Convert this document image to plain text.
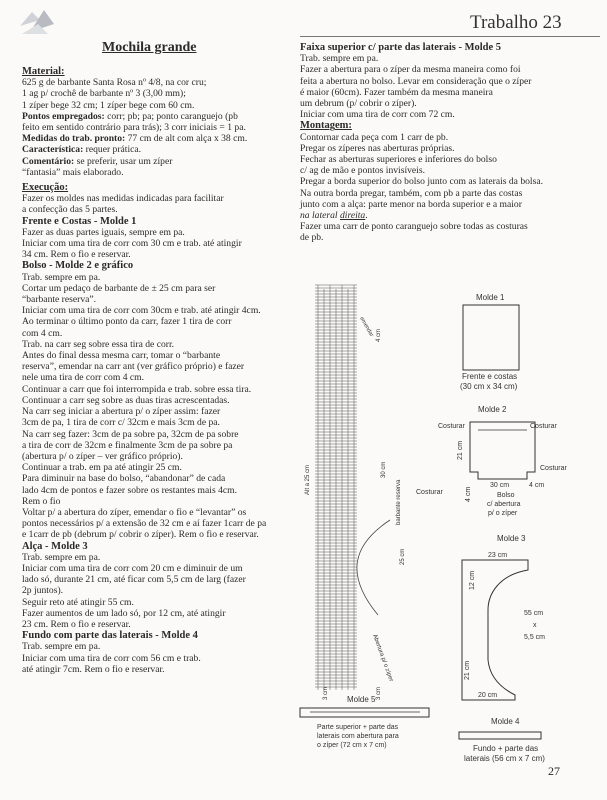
Trabalho 23
Mochila grande
Material:
625 g de barbante Santa Rosa nº 4/8, na cor cru;
1 ag p/ crochê de barbante nº 3 (3,00 mm);
1 zíper bege 32 cm; 1 zíper bege com 60 cm.
Pontos empregados: corr; pb; pa; ponto caranguejo (pb
feito em sentido contrário para trás); 3 corr iniciais = 1 pa.
Medidas do trab. pronto: 77 cm de alt com alça x 38 cm.
Característica: requer prática.
Comentário: se preferir, usar um zíper
“fantasia” mais elaborado.
Execução:
Fazer os moldes nas medidas indicadas para facilitar
a confecção das 5 partes.
Frente e Costas - Molde 1
Fazer as duas partes iguais, sempre em pa.
Iniciar com uma tira de corr com 30 cm e trab. até atingir
34 cm. Rem o fio e reservar.
Bolso - Molde 2 e gráfico
Trab. sempre em pa.
Cortar um pedaço de barbante de ± 25 cm para ser
“barbante reserva”.
Iniciar com uma tira de corr com 30cm e trab. até atingir 4cm.
Ao terminar o último ponto da carr, fazer 1 tira de corr
com 4 cm.
Trab. na carr seg sobre essa tira de corr.
Antes do final dessa mesma carr, tomar o “barbante
reserva”, emendar na carr ant (ver gráfico próprio) e fazer
nele uma tira de corr com 4 cm.
Continuar a carr que foi interrompida e trab. sobre essa tira.
Continuar a carr seg sobre as duas tiras acrescentadas.
Na carr seg iniciar a abertura p/ o zíper assim: fazer
3cm de pa, 1 tira de corr c/ 32cm e mais 3cm de pa.
Na carr seg fazer: 3cm de pa sobre pa, 32cm de pa sobre
a tira de corr de 32cm e finalmente 3cm de pa sobre pa
(abertura p/ o zíper – ver gráfico próprio).
Continuar a trab. em pa até atingir 25 cm.
Para diminuir na base do bolso, “abandonar” de cada
lado 4cm de pontos e fazer sobre os restantes mais 4cm.
Rem o fio
Voltar p/ a abertura do zíper, emendar o fio e “levantar” os
pontos necessários p/ a extensão de 32 cm e aí fazer 1carr de pa
e 1carr de pb (debrum p/ cobrir o zíper). Rem o fio e reservar.
Alça - Molde 3
Trab. sempre em pa.
Iniciar com uma tira de corr com 20 cm e diminuir de um
lado só, durante 21 cm, até ficar com 5,5 cm de larg (fazer
2p juntos).
Seguir reto até atingir 55 cm.
Fazer aumentos de um lado só, por 12 cm, até atingir
23 cm. Rem o fio e reservar.
Fundo com parte das laterais - Molde 4
Trab. sempre em pa.
Iniciar com uma tira de corr com 56 cm e trab.
até atingir 7cm. Rem o fio e reservar.
Faixa superior c/ parte das laterais - Molde 5
Trab. sempre em pa.
Fazer a abertura para o zíper da mesma maneira como foi
feita a abertura no bolso. Levar em consideração que o zíper
é maior (60cm). Fazer também da mesma maneira
um debrum (p/ cobrir o zíper).
Iniciar com uma tira de corr com 72 cm.
Montagem:
Contornar cada peça com 1 carr de pb.
Pregar os zíperes nas aberturas próprias.
Fechar as aberturas superiores e inferiores do bolso
c/ ag de mão e pontos invisíveis.
Pregar a borda superior do bolso junto com as laterais da bolsa.
Na outra borda pregar, também, com pb a parte das costas
junto com a alça: parte menor na borda superior e a maior
na lateral direita.
Fazer uma carr de ponto caranguejo sobre todas as costuras
de pb.
Alt a 25 cm	30 cm
barbante reserva
25 cm
3 cm	3 cm
emendar
Abertura p/ o zíper
4 cm
Molde 1
Frente e costas
(30 cm x 34 cm)
Molde 2
Costurar	Costurar
Costurar
Costurar
21 cm
30 cm	4 cm
4 cm	Bolso
c/ abertura
p/ o zíper
Molde 3
23 cm
12 cm
55 cm
x
5,5 cm
21 cm
20 cm
Molde 4
Fundo + parte das
laterais (56 cm x 7 cm)
Molde 5
Parte superior + parte das
laterais com abertura para
o zíper (72 cm x 7 cm)
27
